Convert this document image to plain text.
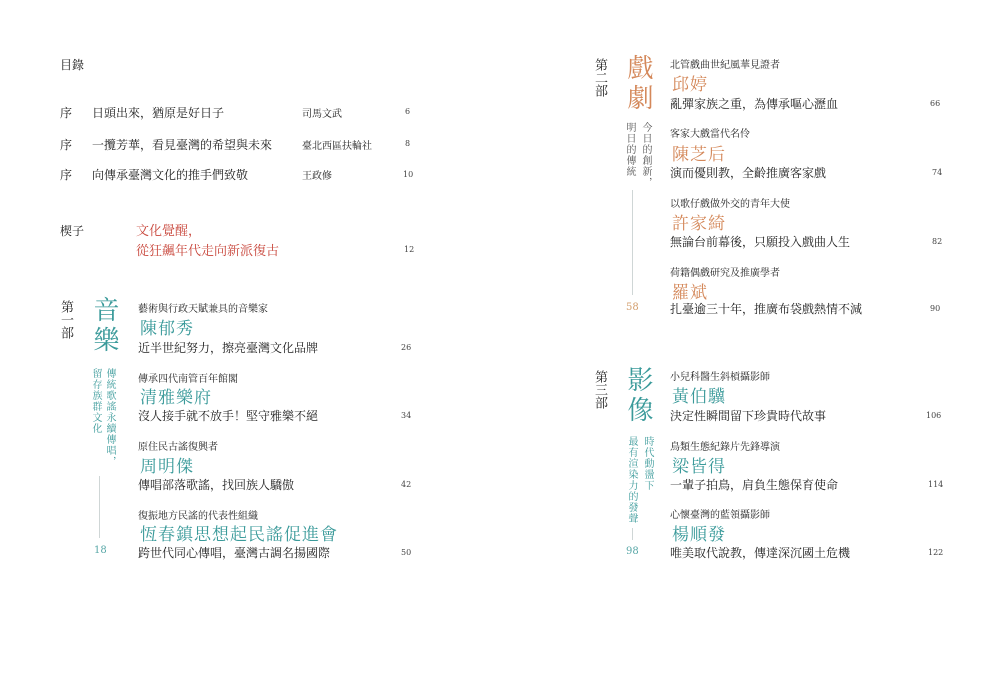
目錄
序 日頭出來，猶原是好日子	司馬文武	6
序 一攬芳華，看見臺灣的希望與未來	臺北西區扶輪社	8
序 向傳承臺灣文化的推手們致敬	王政修	10
楔子	文化覺醒，
從狂飆年代走向新派復古	12
第一部 音樂
傳統歌謠永續傳唱，
留存族群文化
18
藝術與行政天賦兼具的音樂家
陳郁秀
近半世紀努力，擦亮臺灣文化品牌	26
傳承四代南管百年館閣
清雅樂府
沒人接手就不放手！堅守雅樂不絕	34
原住民古謠復興者
周明傑
傳唱部落歌謠，找回族人驕傲	42
復振地方民謠的代表性組織
恆春鎮思想起民謠促進會
跨世代同心傳唱，臺灣古調名揚國際	50
第二部 戲劇
今日的創新，
明日的傳統
58
北管戲曲世紀風華見證者
邱婷
亂彈家族之重，為傳承嘔心瀝血	66
客家大戲當代名伶
陳芝后
演而優則教，全齡推廣客家戲	74
以歌仔戲做外交的青年大使
許家綺
無論台前幕後，只願投入戲曲人生	82
荷籍偶戲研究及推廣學者
羅斌
扎臺逾三十年，推廣布袋戲熱情不減	90
第三部 影像
時代動盪下
最有渲染力的發聲
98
小兒科醫生斜槓攝影師
黃伯驥
決定性瞬間留下珍貴時代故事	106
鳥類生態紀錄片先鋒導演
梁皆得
一輩子拍鳥，肩負生態保育使命	114
心懷臺灣的藍領攝影師
楊順發
唯美取代說教，傳達深沉國土危機	122
